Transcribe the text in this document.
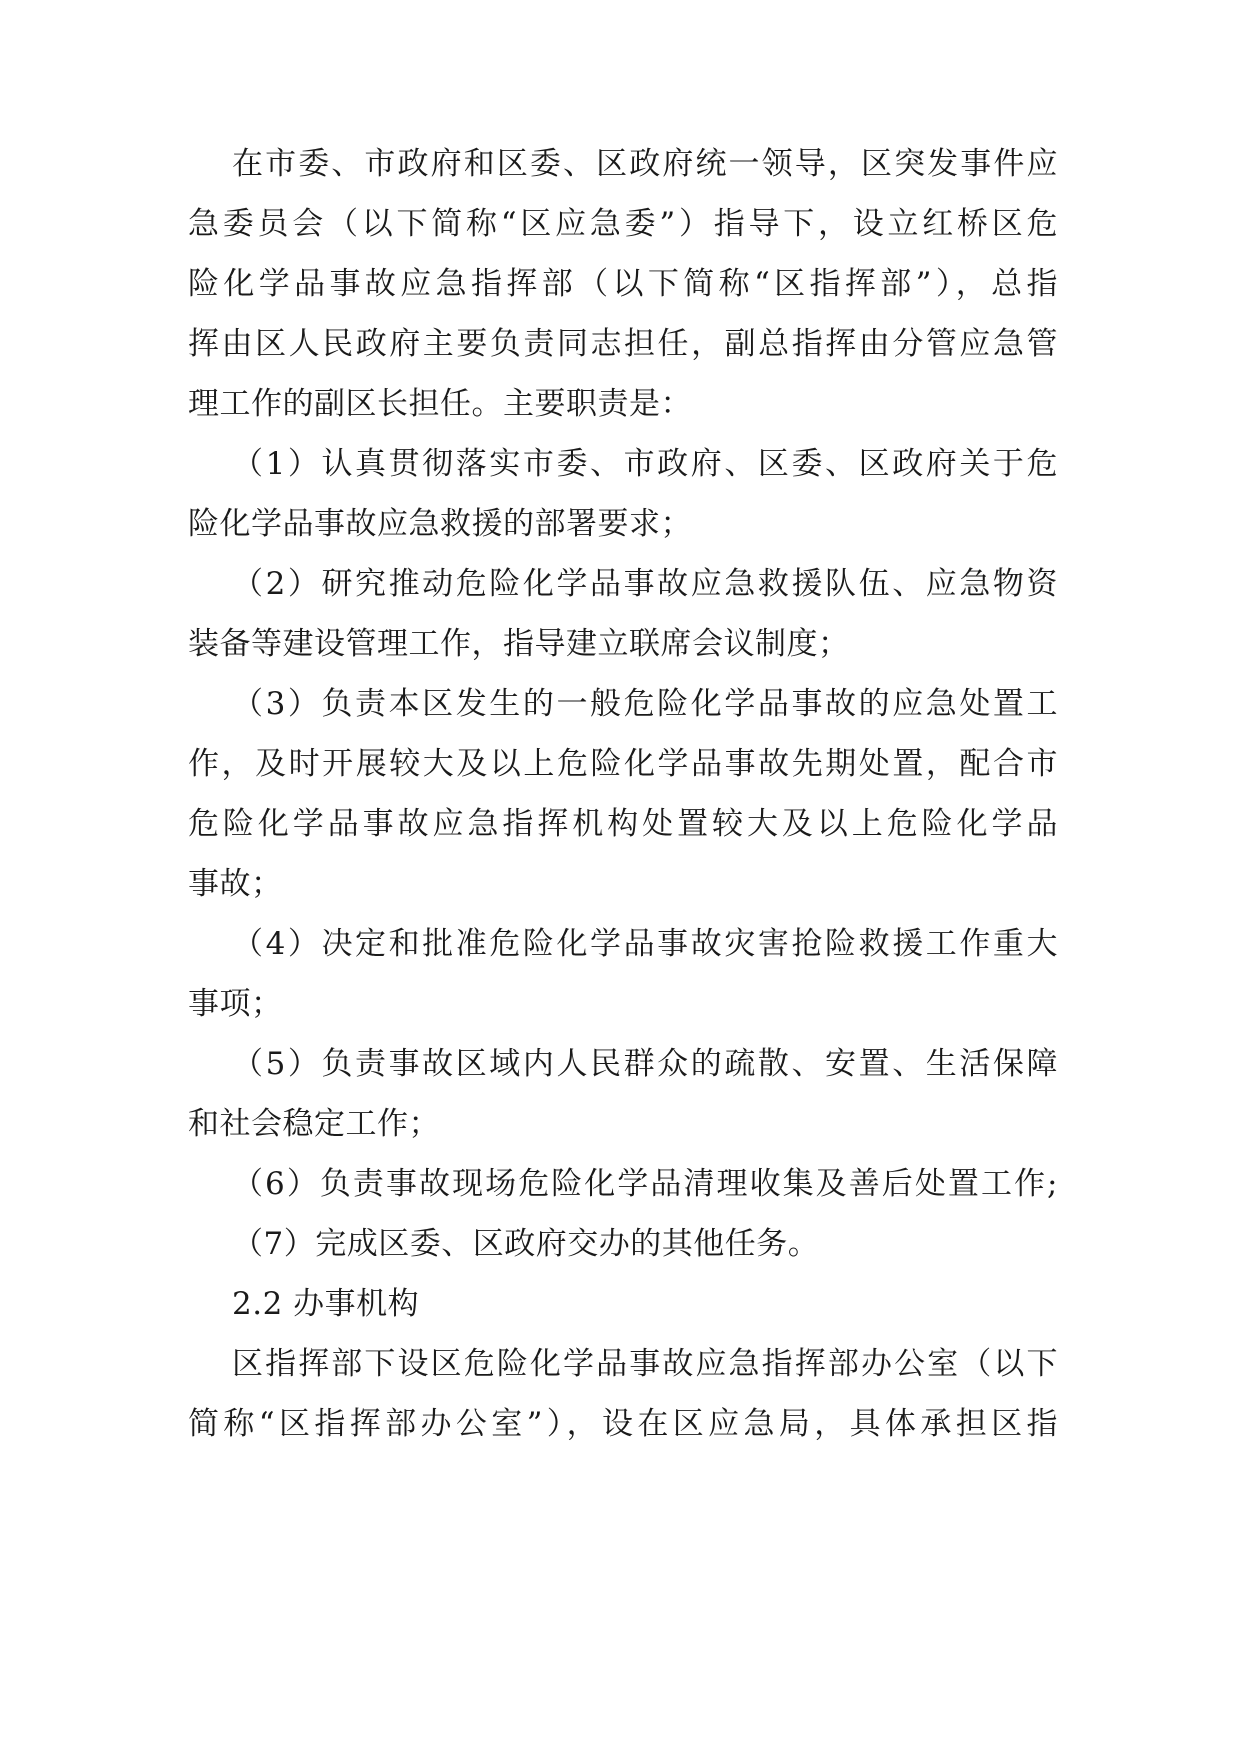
在市委、市政府和区委、区政府统一领导，区突发事件应
急委员会（以下简称“区应急委”）指导下，设立红桥区危
险化学品事故应急指挥部（以下简称“区指挥部”），总指
挥由区人民政府主要负责同志担任，副总指挥由分管应急管
理工作的副区长担任。主要职责是：
（1）认真贯彻落实市委、市政府、区委、区政府关于危
险化学品事故应急救援的部署要求；
（2）研究推动危险化学品事故应急救援队伍、应急物资
装备等建设管理工作，指导建立联席会议制度；
（3）负责本区发生的一般危险化学品事故的应急处置工
作，及时开展较大及以上危险化学品事故先期处置，配合市
危险化学品事故应急指挥机构处置较大及以上危险化学品
事故；
（4）决定和批准危险化学品事故灾害抢险救援工作重大
事项；
（5）负责事故区域内人民群众的疏散、安置、生活保障
和社会稳定工作；
（6）负责事故现场危险化学品清理收集及善后处置工作;
（7）完成区委、区政府交办的其他任务。
2.2 办事机构
区指挥部下设区危险化学品事故应急指挥部办公室（以下
简称“区指挥部办公室”），设在区应急局，具体承担区指
